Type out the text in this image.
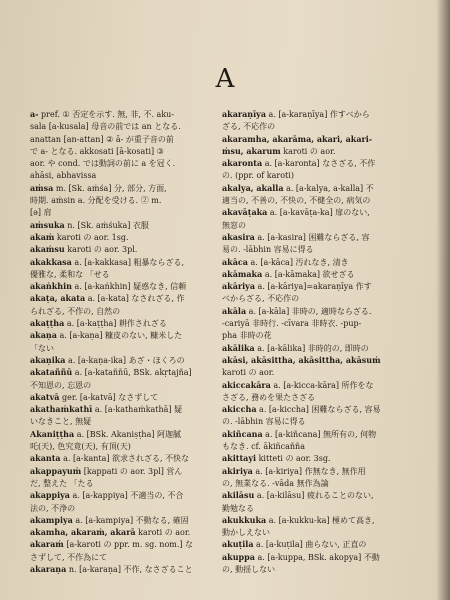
A
a- pref. ① 否定を示す. 無, 非, 不. aku-
sala [a-kusala] 母音の前では an となる.
anattan [an-attan] ② ā- が重子音の前
で a- となる. akkosati [ā-kosati] ③
aor. や cond. では動詞の前に a を冠く.
ahāsi, abhavissa
aṁsa m. [Sk. aṁśa] 分, 部分, 方面,
時期. aṁsin a. 分配を受ける. ② m.
[ǝ] 肩
aṁsuka n. [Sk. aṁśuka] 衣服
akaṁ karoti の aor. 1sg.
akaṁsu karoti の aor. 3pl.
akakkasa a. [a-kakkasa] 粗暴ならざる,
優雅な, 柔和な 「せる
akaṅkhin a. [a-kaṅkhin] 疑惑なき, 信頼
akaṭa, akata a. [a-kata] なされざる, 作
られざる, 不作の, 自然の
akaṭṭha a. [a-kaṭṭha] 耕作されざる
akaṇa a. [a-kaṇa] 糠皮のない, 糠米した
「ない
akaṇika a. [a-kaṇa-ika] あざ・ほくろの
akataññū a. [a-kataññū, BSk. akṛtajña]
不知恩の, 忘恩の
akatvā ger. [a-katvā] なさずして
akathaṁkathī a. [a-kathaṁkathā] 疑
いなきこと, 無疑
Akaniṭṭha a. [BSk. Akaniṣṭha] 阿迦膩
吒(天), 色究竟(天), 有頂(天)
akanta a. [a-kanta] 欲求されざる, 不快な
akappayuṁ [kappati の aor. 3pl] 営ん
だ, 整えた 「たる
akappiya a. [a-kappiya] 不適当の, 不合
法の, 不浄の
akampiya a. [a-kampiya] 不動なる, 確固
akamha, akaraṁ, akarā karoti の aor.
akaraṁ [a-karoti の ppr. m. sg. nom.] な
さずして, 不作為にて
akaraṇa n. [a-karaṇa] 不作, なさざること
akaraṇīya a. [a-karaṇīya] 作すべから
ざる, 不応作の
akaramha, akarāma, akari, akari-
ṁsu, akarum karoti の aor.
akaronta a. [a-karonta] なさざる, 不作
の. (ppr. of karoti)
akalya, akalla a. [a-kalya, a-kalla] 不
適当の, 不善の, 不快の, 不健全の, 病気の
akavāṭaka a. [a-kavāṭa-ka] 扉のない,
無窓の
akasira a. [a-kasira] 困難ならざる, 容
易の. -lābhin 容易に得る
akāca a. [a-kāca] 汚れなき, 清き
akāmaka a. [a-kāmaka] 欲せざる
akāriya a. [a-kāriya]=akaraṇīya 作す
べからざる, 不応作の
akāla a. [a-kāla] 非時の, 適時ならざる.
-cariyā 非時行. -cīvara 非時衣. -pup-
pha 非時の花
akālika a. [a-kālika] 非時的の, 即時の
akāsi, akāsittha, akāsittha, akāsuṁ
karoti の aor.
akiccakāra a. [a-kicca-kāra] 所作をな
さざる, 務めを果たさざる
akiccha a. [a-kiccha] 困難ならざる, 容易
の. -lābhin 容易に得る
akiñcana a. [a-kiñcana] 無所有の, 何物
もなき. cf. ākiñcañña
akittayi kitteti の aor. 3sg.
akiriya a. [a-kiriya] 作無なき, 無作用
の, 無業なる. -vāda 無作為論
akilāsu a. [a-kilāsu] 疲れることのない,
勤勉なる
akukkuka a. [a-kukku-ka] 極めて高き,
動かしえない
akuṭila a. [a-kuṭila] 曲らない, 正直の
akuppa a. [a-kuppa, BSk. akopya] 不動
の, 動揺しない
